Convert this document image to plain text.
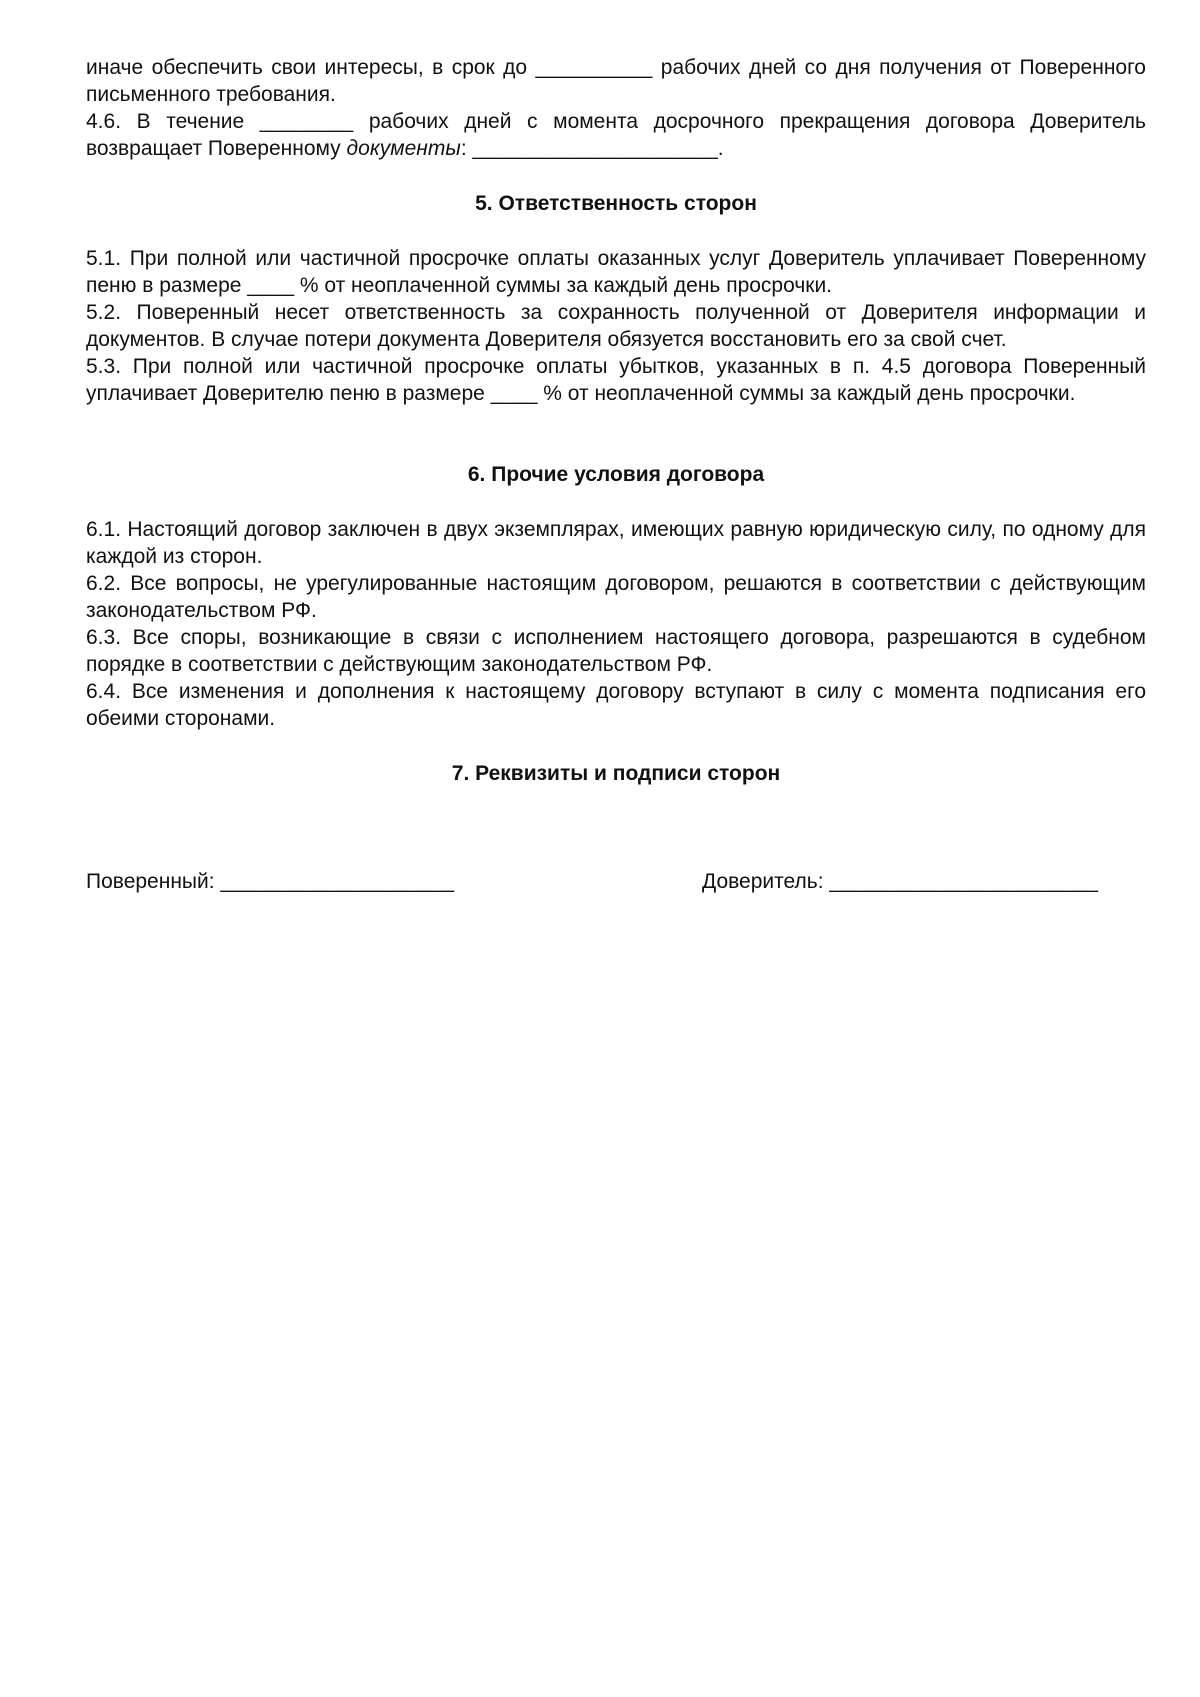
иначе обеспечить свои интересы, в срок до __________ рабочих дней со дня получения от Поверенного письменного требования.

4.6. В течение ________ рабочих дней с момента досрочного прекращения договора Доверитель возвращает Поверенному документы: _____________________.

5. Ответственность сторон

5.1. При полной или частичной просрочке оплаты оказанных услуг Доверитель уплачивает Поверенному пеню в размере ____ % от неоплаченной суммы за каждый день просрочки.

5.2. Поверенный несет ответственность за сохранность полученной от Доверителя информации и документов. В случае потери документа Доверителя обязуется восстановить его за свой счет.

5.3. При полной или частичной просрочке оплаты убытков, указанных в п. 4.5 договора Поверенный уплачивает Доверителю пеню в размере ____ % от неоплаченной суммы за каждый день просрочки.

6. Прочие условия договора

6.1. Настоящий договор заключен в двух экземплярах, имеющих равную юридическую силу, по одному для каждой из сторон.

6.2. Все вопросы, не урегулированные настоящим договором, решаются в соответствии с действующим законодательством РФ.

6.3. Все споры, возникающие в связи с исполнением настоящего договора, разрешаются в судебном порядке в соответствии с действующим законодательством РФ.

6.4. Все изменения и дополнения к настоящему договору вступают в силу с момента подписания его обеими сторонами.

7. Реквизиты и подписи сторон
Поверенный: ____________________	Доверитель: _______________________
